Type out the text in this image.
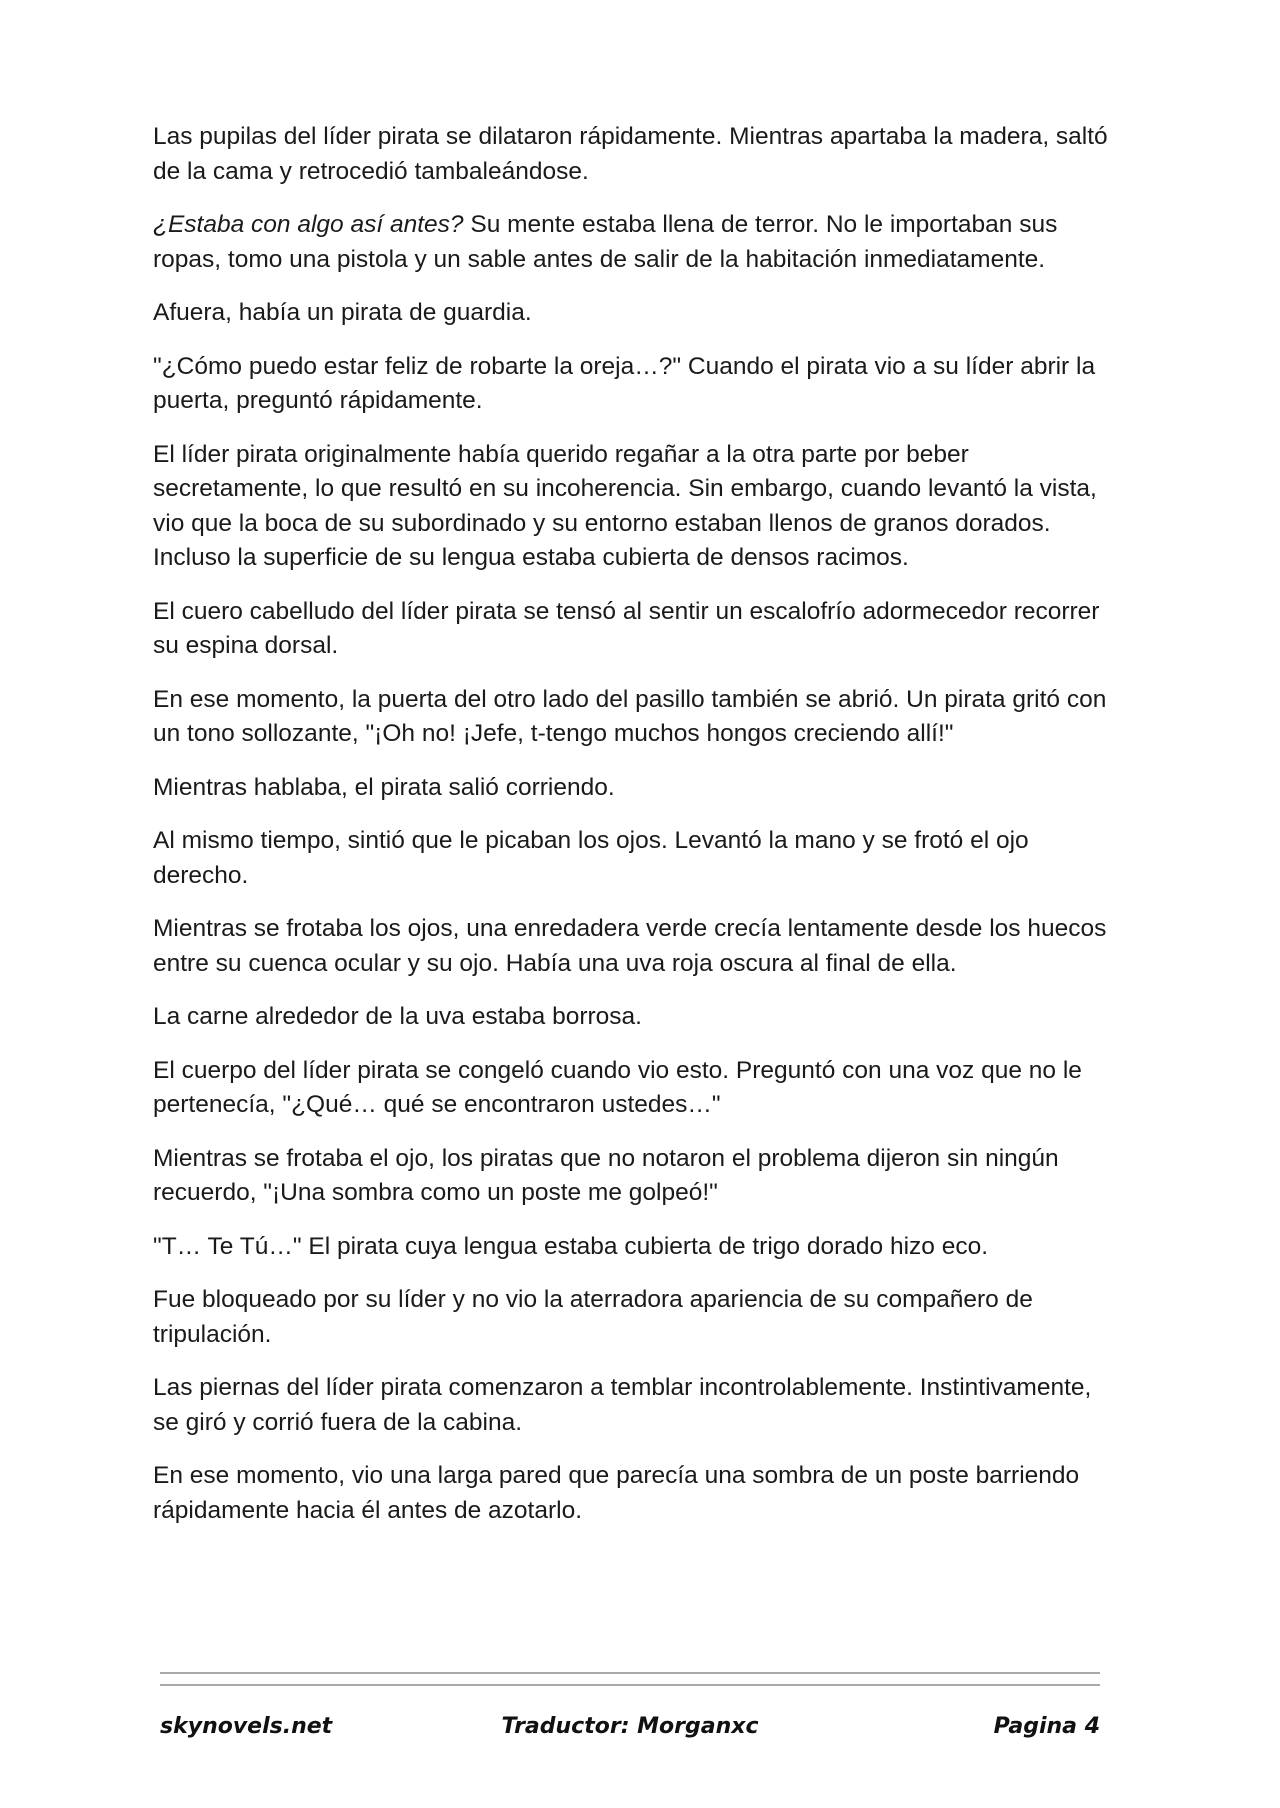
Las pupilas del líder pirata se dilataron rápidamente. Mientras apartaba la madera, saltó de la cama y retrocedió tambaleándose.

¿Estaba con algo así antes? Su mente estaba llena de terror. No le importaban sus ropas, tomo una pistola y un sable antes de salir de la habitación inmediatamente.

Afuera, había un pirata de guardia.

"¿Cómo puedo estar feliz de robarte la oreja…?" Cuando el pirata vio a su líder abrir la puerta, preguntó rápidamente.

El líder pirata originalmente había querido regañar a la otra parte por beber secretamente, lo que resultó en su incoherencia. Sin embargo, cuando levantó la vista, vio que la boca de su subordinado y su entorno estaban llenos de granos dorados. Incluso la superficie de su lengua estaba cubierta de densos racimos.

El cuero cabelludo del líder pirata se tensó al sentir un escalofrío adormecedor recorrer su espina dorsal.

En ese momento, la puerta del otro lado del pasillo también se abrió. Un pirata gritó con un tono sollozante, "¡Oh no! ¡Jefe, t-tengo muchos hongos creciendo allí!"

Mientras hablaba, el pirata salió corriendo.

Al mismo tiempo, sintió que le picaban los ojos. Levantó la mano y se frotó el ojo derecho.

Mientras se frotaba los ojos, una enredadera verde crecía lentamente desde los huecos entre su cuenca ocular y su ojo. Había una uva roja oscura al final de ella.

La carne alrededor de la uva estaba borrosa.

El cuerpo del líder pirata se congeló cuando vio esto. Preguntó con una voz que no le pertenecía, "¿Qué… qué se encontraron ustedes…"

Mientras se frotaba el ojo, los piratas que no notaron el problema dijeron sin ningún recuerdo, "¡Una sombra como un poste me golpeó!"

"T… Te Tú…" El pirata cuya lengua estaba cubierta de trigo dorado hizo eco.

Fue bloqueado por su líder y no vio la aterradora apariencia de su compañero de tripulación.

Las piernas del líder pirata comenzaron a temblar incontrolablemente. Instintivamente, se giró y corrió fuera de la cabina.

En ese momento, vio una larga pared que parecía una sombra de un poste barriendo rápidamente hacia él antes de azotarlo.

skynovels.net	Traductor: Morganxc	Pagina 4
